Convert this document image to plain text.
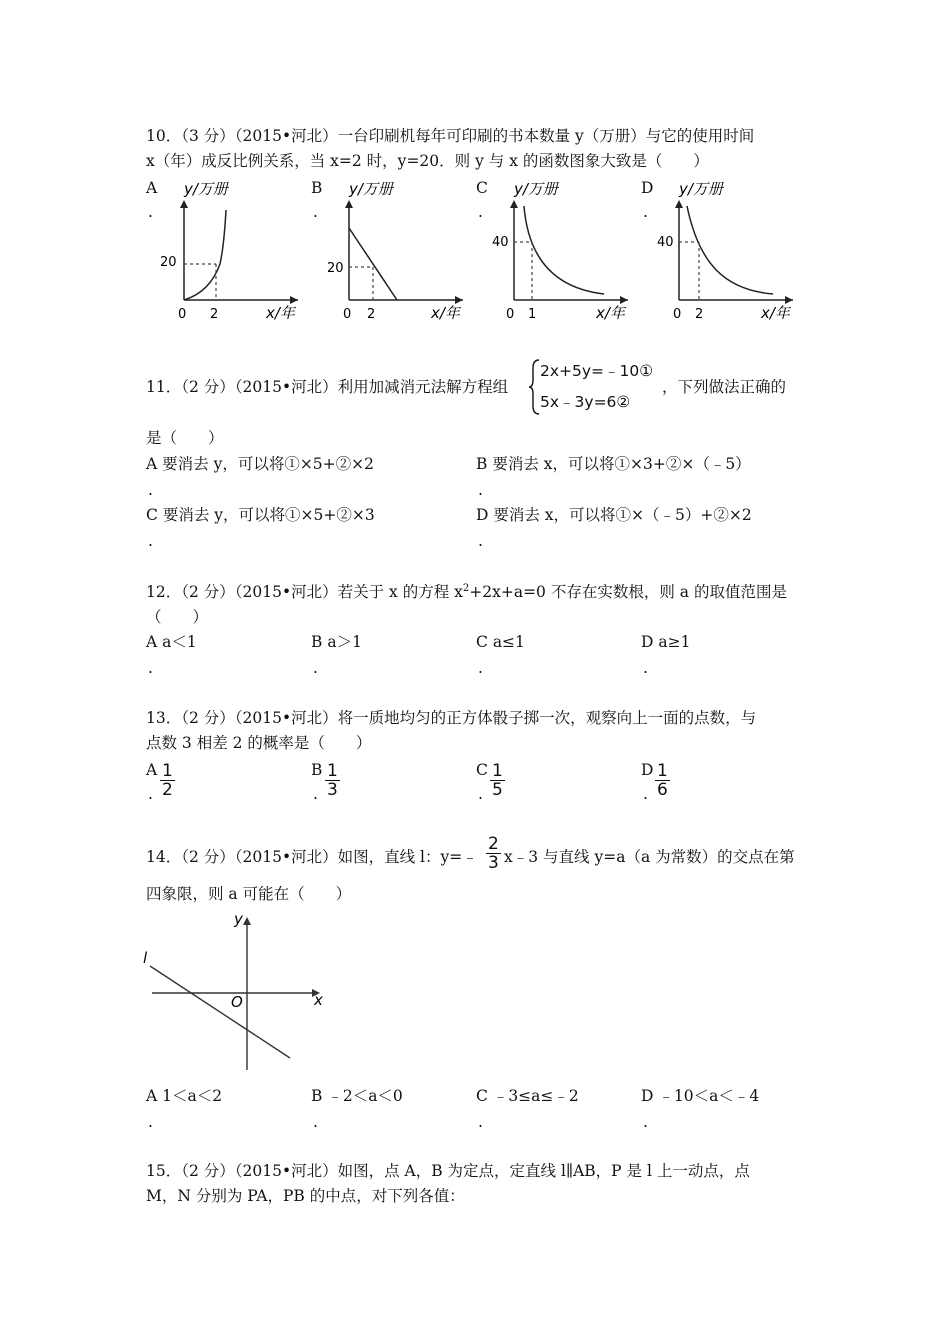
10．（3 分）（2015•河北）一台印刷机每年可印刷的书本数量 y（万册）与它的使用时间
x（年）成反比例关系，当 x=2 时，y=20．则 y 与 x 的函数图象大致是（　　）
A
.
y/万册
x/年
0 2
20
B
.
y/万册
x/年
0 2
20
C
.
y/万册
x/年
0 1
40
D
.
y/万册
x/年
0 2
40
11．（2 分）（2015•河北）利用加减消元法解方程组
2x+5y=﹣10①
5x﹣3y=6②
，下列做法正确的
是（　　）
A 要消去 y，可以将①×5+②×2
.
B 要消去 x，可以将①×3+②×（﹣5）
.
C 要消去 y，可以将①×5+②×3
.
D 要消去 x，可以将①×（﹣5）+②×2
.
12．（2 分）（2015•河北）若关于 x 的方程 $x^2+2x+a=0$ 不存在实数根，则 a 的取值范围是
（　　）
A a＜1
.
B a＞1
.
C a≤1
.
D a≥1
.
13．（2 分）（2015•河北）将一质地均匀的正方体骰子掷一次，观察向上一面的点数，与
点数 3 相差 2 的概率是（　　）
A
. $\frac{1}{2}$	B
. $\frac{1}{3}$	C
. $\frac{1}{5}$	D
. $\frac{1}{6}$
14．（2 分）（2015•河北）如图，直线 l：y=﹣ $\frac{2}{3}$ x﹣3 与直线 y=a（a 为常数）的交点在第
四象限，则 a 可能在（　　）
y
x
O
l
A 1＜a＜2
.
B ﹣2＜a＜0
.
C ﹣3≤a≤﹣2
.
D ﹣10＜a＜﹣4
.
15．（2 分）（2015•河北）如图，点 A，B 为定点，定直线 l∥AB，P 是 l 上一动点，点
M，N 分别为 PA，PB 的中点，对下列各值：
